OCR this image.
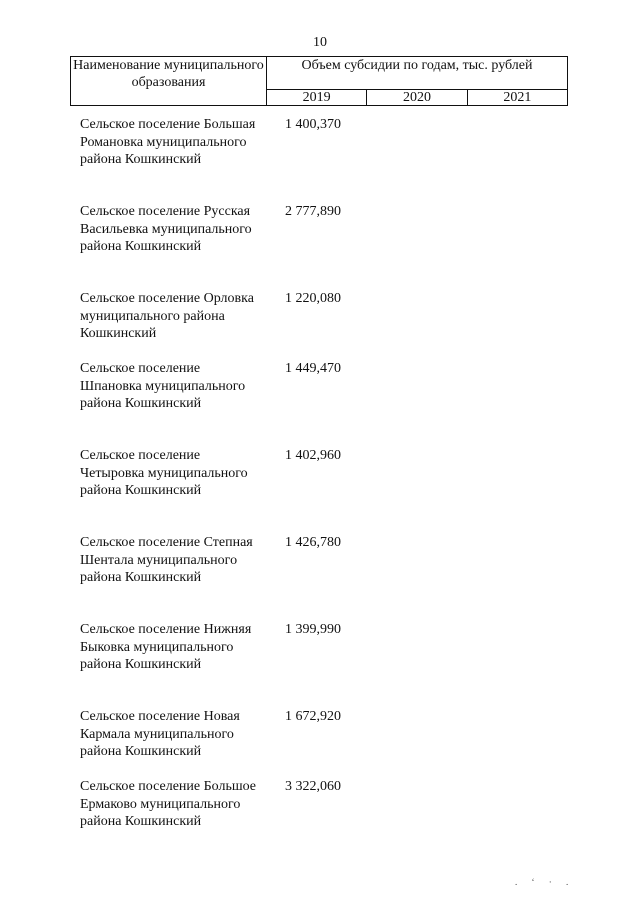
10
Наименование муниципального образования
Объем субсидии по годам, тыс. рублей
2019	2020	2021
Сельское поселение Большая Романовка муниципального района Кошкинский
1 400,370
Сельское поселение Русская Васильевка муниципального района Кошкинский
2 777,890
Сельское поселение Орловка муниципального района Кошкинский
1 220,080
Сельское поселение Шпановка муниципального района Кошкинский
1 449,470
Сельское поселение Четыровка муниципального района Кошкинский
1 402,960
Сельское поселение Степная Шентала муниципального района Кошкинский
1 426,780
Сельское поселение Нижняя Быковка муниципального района Кошкинский
1 399,990
Сельское поселение Новая Кармала муниципального района Кошкинский
1 672,920
Сельское поселение Большое Ермаково муниципального района Кошкинский
3 322,060
. ‘ · .
